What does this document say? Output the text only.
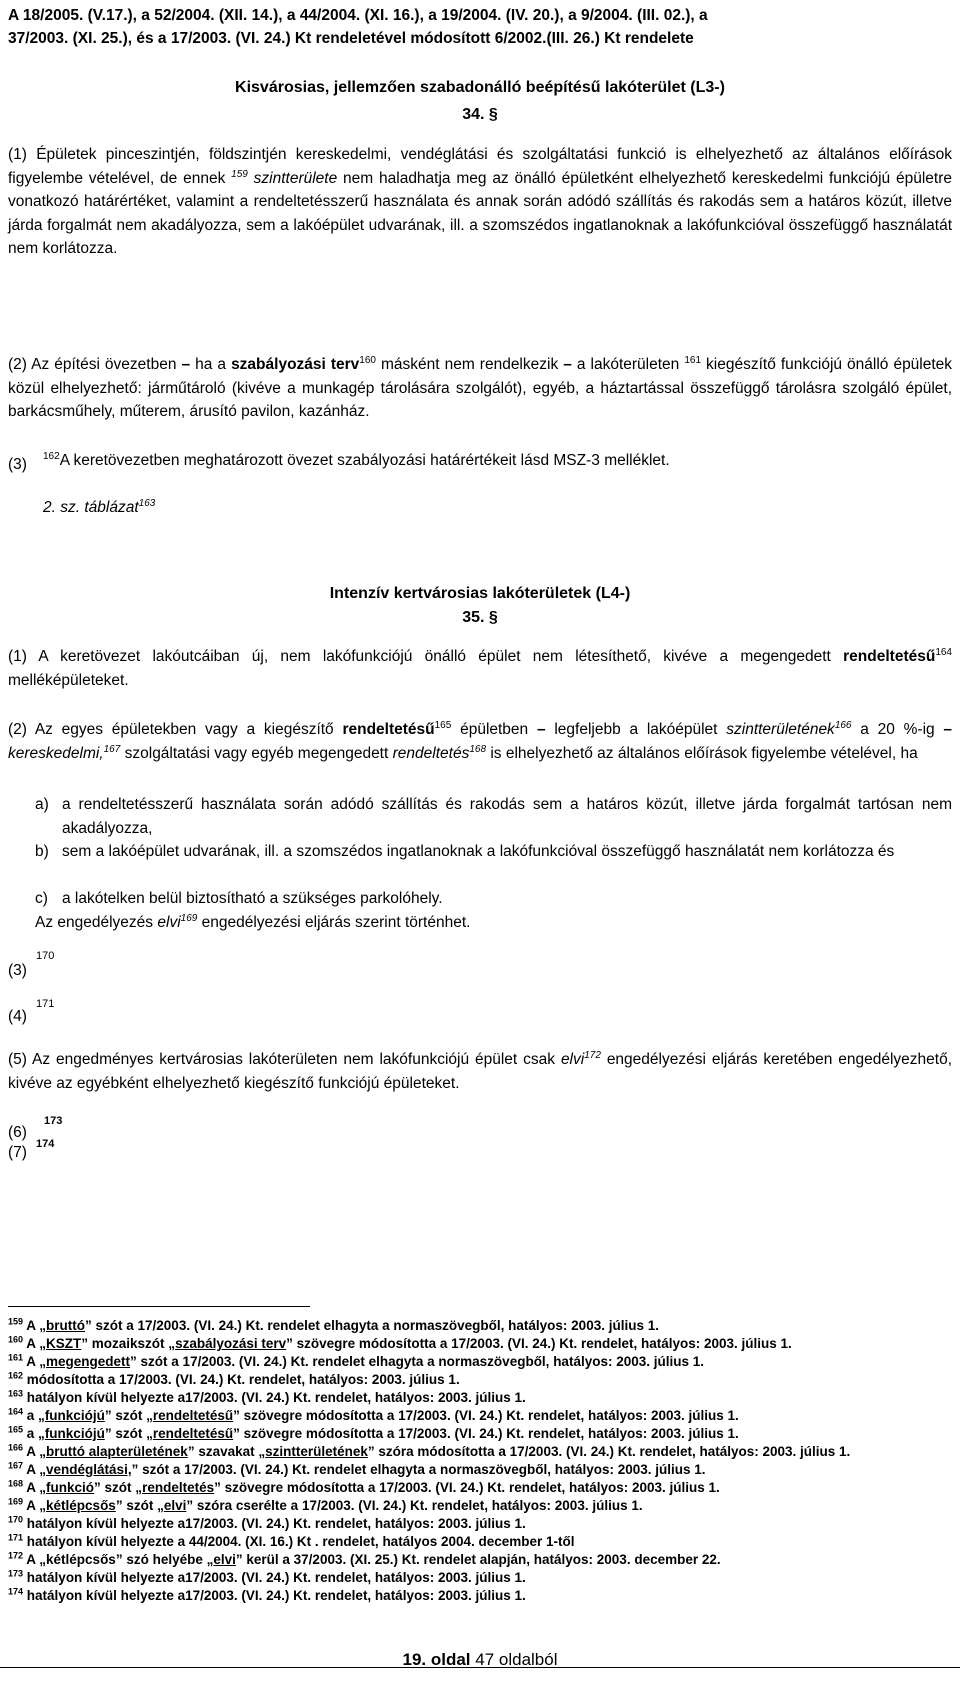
A 18/2005. (V.17.), a 52/2004. (XII. 14.), a 44/2004. (XI. 16.), a 19/2004. (IV. 20.), a 9/2004. (III. 02.), a
37/2003. (XI. 25.), és a 17/2003. (VI. 24.) Kt rendeletével módosított 6/2002.(III. 26.) Kt rendelete
Kisvárosias, jellemzően szabadonálló beépítésű lakóterület (L3-)
34. §
(1) Épületek pinceszintjén, földszintjén kereskedelmi, vendéglátási és szolgáltatási funkció is elhelyezhető az általános előírások figyelembe vételével, de ennek $^{159}$ szintterülete nem haladhatja meg az önálló épületként elhelyezhető kereskedelmi funkciójú épületre vonatkozó határértéket, valamint a rendeltetésszerű használata és annak során adódó szállítás és rakodás sem a határos közút, illetve járda forgalmát nem akadályozza, sem a lakóépület udvarának, ill. a szomszédos ingatlanoknak a lakófunkcióval összefüggő használatát nem korlátozza.
(2) Az építési övezetben – ha a szabályozási terv$^{160}$ másként nem rendelkezik – a lakóterületen $^{161}$ kiegészítő funkciójú önálló épületek közül elhelyezhető: járműtároló (kivéve a munkagép tárolására szolgálót), egyéb, a háztartással összefüggő tárolásra szolgáló épület, barkácsműhely, műterem, árusító pavilon, kazánház.
(3) $^{162}$A keretövezetben meghatározott övezet szabályozási határértékeit lásd MSZ-3 melléklet.
2. sz. táblázat$^{163}$
Intenzív kertvárosias lakóterületek (L4-)
35. §
(1) A keretövezet lakóutcáiban új, nem lakófunkciójú önálló épület nem létesíthető, kivéve a megengedett rendeltetésű$^{164}$ melléképületeket.
(2) Az egyes épületekben vagy a kiegészítő rendeltetésű$^{165}$ épületben – legfeljebb a lakóépület szintterületének$^{166}$ a 20 %-ig – kereskedelmi,$^{167}$ szolgáltatási vagy egyéb megengedett rendeltetés$^{168}$ is elhelyezhető az általános előírások figyelembe vételével, ha
a) a rendeltetésszerű használata során adódó szállítás és rakodás sem a határos közút, illetve járda forgalmát tartósan nem akadályozza,
b) sem a lakóépület udvarának, ill. a szomszédos ingatlanoknak a lakófunkcióval összefüggő használatát nem korlátozza és
c) a lakótelken belül biztosítható a szükséges parkolóhely.
Az engedélyezés elvi$^{169}$ engedélyezési eljárás szerint történhet.
(3)
170
(4)
171
(5) Az engedményes kertvárosias lakóterületen nem lakófunkciójú épület csak elvi$^{172}$ engedélyezési eljárás keretében engedélyezhető, kivéve az egyébként elhelyezhető kiegészítő funkciójú épületeket.
(6)
173
(7) 174
$^{159}$ A „bruttó” szót a 17/2003. (VI. 24.) Kt. rendelet elhagyta a normaszövegből, hatályos: 2003. július 1.
$^{160}$ A „KSZT” mozaikszót „szabályozási terv” szövegre módosította a 17/2003. (VI. 24.) Kt. rendelet, hatályos: 2003. július 1.
$^{161}$ A „megengedett” szót a 17/2003. (VI. 24.) Kt. rendelet elhagyta a normaszövegből, hatályos: 2003. július 1.
$^{162}$ módosította a 17/2003. (VI. 24.) Kt. rendelet, hatályos: 2003. július 1.
$^{163}$ hatályon kívül helyezte a17/2003. (VI. 24.) Kt. rendelet, hatályos: 2003. július 1.
$^{164}$ a „funkciójú” szót „rendeltetésű” szövegre módosította a 17/2003. (VI. 24.) Kt. rendelet, hatályos: 2003. július 1.
$^{165}$ a „funkciójú” szót „rendeltetésű” szövegre módosította a 17/2003. (VI. 24.) Kt. rendelet, hatályos: 2003. július 1.
$^{166}$ A „bruttó alapterületének” szavakat „szintterületének” szóra módosította a 17/2003. (VI. 24.) Kt. rendelet, hatályos: 2003. július 1.
$^{167}$ A „vendéglátási,” szót a 17/2003. (VI. 24.) Kt. rendelet elhagyta a normaszövegből, hatályos: 2003. július 1.
$^{168}$ A „funkció” szót „rendeltetés” szövegre módosította a 17/2003. (VI. 24.) Kt. rendelet, hatályos: 2003. július 1.
$^{169}$ A „kétlépcsős” szót „elvi” szóra cserélte a 17/2003. (VI. 24.) Kt. rendelet, hatályos: 2003. július 1.
$^{170}$ hatályon kívül helyezte a17/2003. (VI. 24.) Kt. rendelet, hatályos: 2003. július 1.
$^{171}$ hatályon kívül helyezte a 44/2004. (XI. 16.) Kt . rendelet, hatályos 2004. december 1-től
$^{172}$ A „kétlépcsős” szó helyébe „elvi” kerül a 37/2003. (XI. 25.) Kt. rendelet alapján, hatályos: 2003. december 22.
$^{173}$ hatályon kívül helyezte a17/2003. (VI. 24.) Kt. rendelet, hatályos: 2003. július 1.
$^{174}$ hatályon kívül helyezte a17/2003. (VI. 24.) Kt. rendelet, hatályos: 2003. július 1.
19. oldal 47 oldalból
